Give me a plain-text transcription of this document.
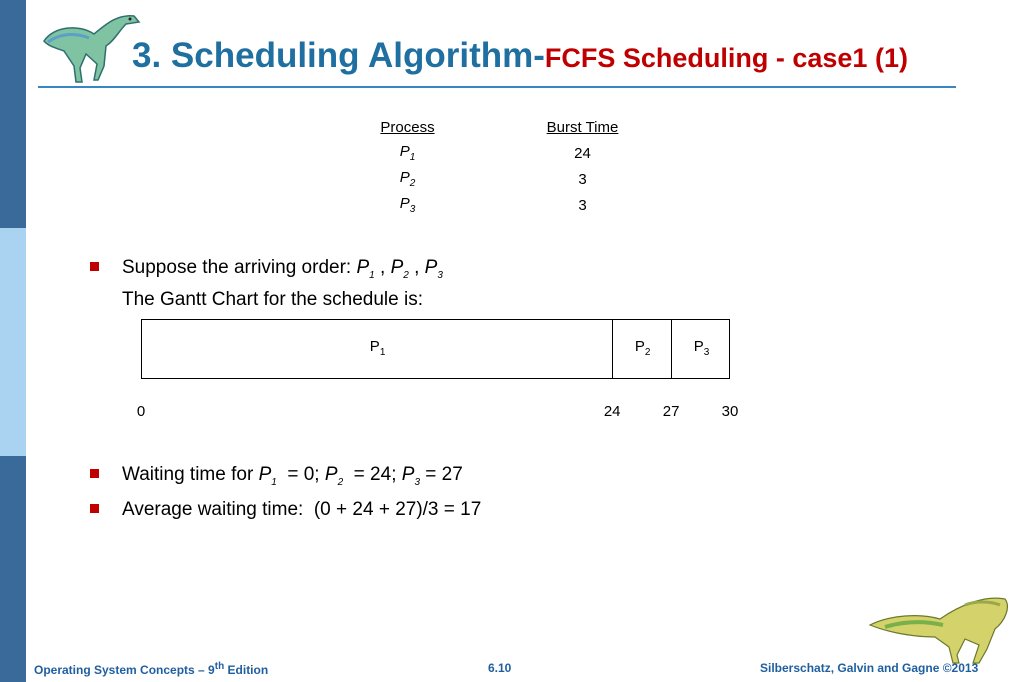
3. Scheduling Algorithm-FCFS Scheduling - case1 (1)
Process	Burst Time
$P_1$	24
$P_2$	3
$P_3$	3
Suppose the arriving order: $P_1$ , $P_2$ , $P_3$
The Gantt Chart for the schedule is:
$P_1$	$P_2$	$P_3$
0	24	27	30
Waiting time for $P_1 = 0$; $P_2 = 24$; $P_3 = 27$
Average waiting time:  (0 + 24 + 27)/3 = 17
Operating System Concepts – 9th Edition	6.10	Silberschatz, Galvin and Gagne ©2013
